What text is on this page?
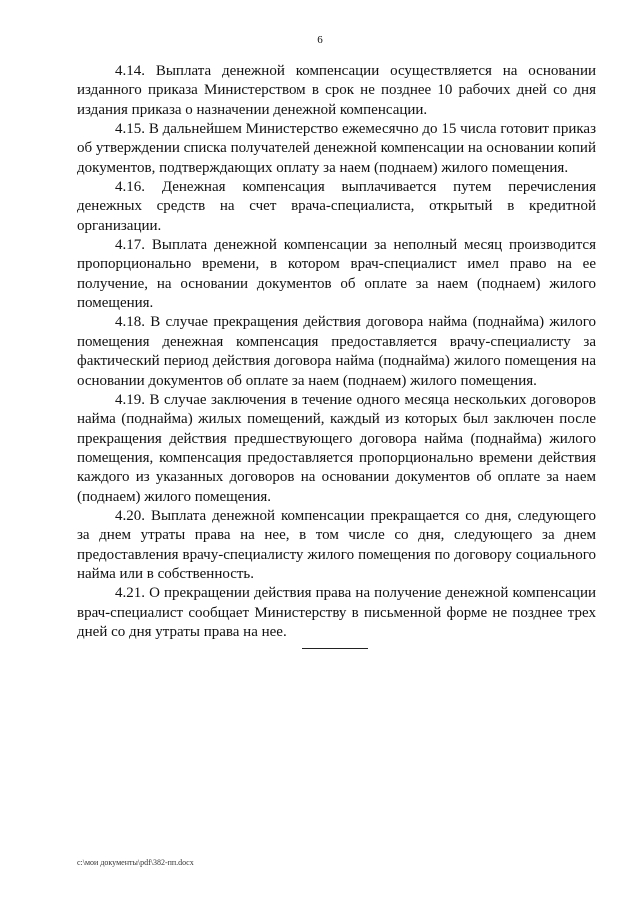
6

4.14. Выплата денежной компенсации осуществляется на основании изданного приказа Министерством в срок не позднее 10 рабочих дней со дня издания приказа о назначении денежной компенсации.

4.15. В дальнейшем Министерство ежемесячно до 15 числа готовит приказ об утверждении списка получателей денежной компенсации на основании копий документов, подтверждающих оплату за наем (поднаем) жилого помещения.

4.16. Денежная компенсация выплачивается путем перечисления денежных средств на счет врача-специалиста, открытый в кредитной организации.

4.17. Выплата денежной компенсации за неполный месяц производится пропорционально времени, в котором врач-специалист имел право на ее получение, на основании документов об оплате за наем (поднаем) жилого помещения.

4.18. В случае прекращения действия договора найма (поднайма) жилого помещения денежная компенсация предоставляется врачу-специалисту за фактический период действия договора найма (поднайма) жилого помещения на основании документов об оплате за наем (поднаем) жилого помещения.

4.19. В случае заключения в течение одного месяца нескольких договоров найма (поднайма) жилых помещений, каждый из которых был заключен после прекращения действия предшествующего договора найма (поднайма) жилого помещения, компенсация предоставляется пропорционально времени действия каждого из указанных договоров на основании документов об оплате за наем (поднаем) жилого помещения.

4.20. Выплата денежной компенсации прекращается со дня, следующего за днем утраты права на нее, в том числе со дня, следующего за днем предоставления врачу-специалисту жилого помещения по договору социального найма или в собственность.

4.21. О прекращении действия права на получение денежной компенсации врач-специалист сообщает Министерству в письменной форме не позднее трех дней со дня утраты права на нее.

c:\мои документы\pdf\382-пп.docx
